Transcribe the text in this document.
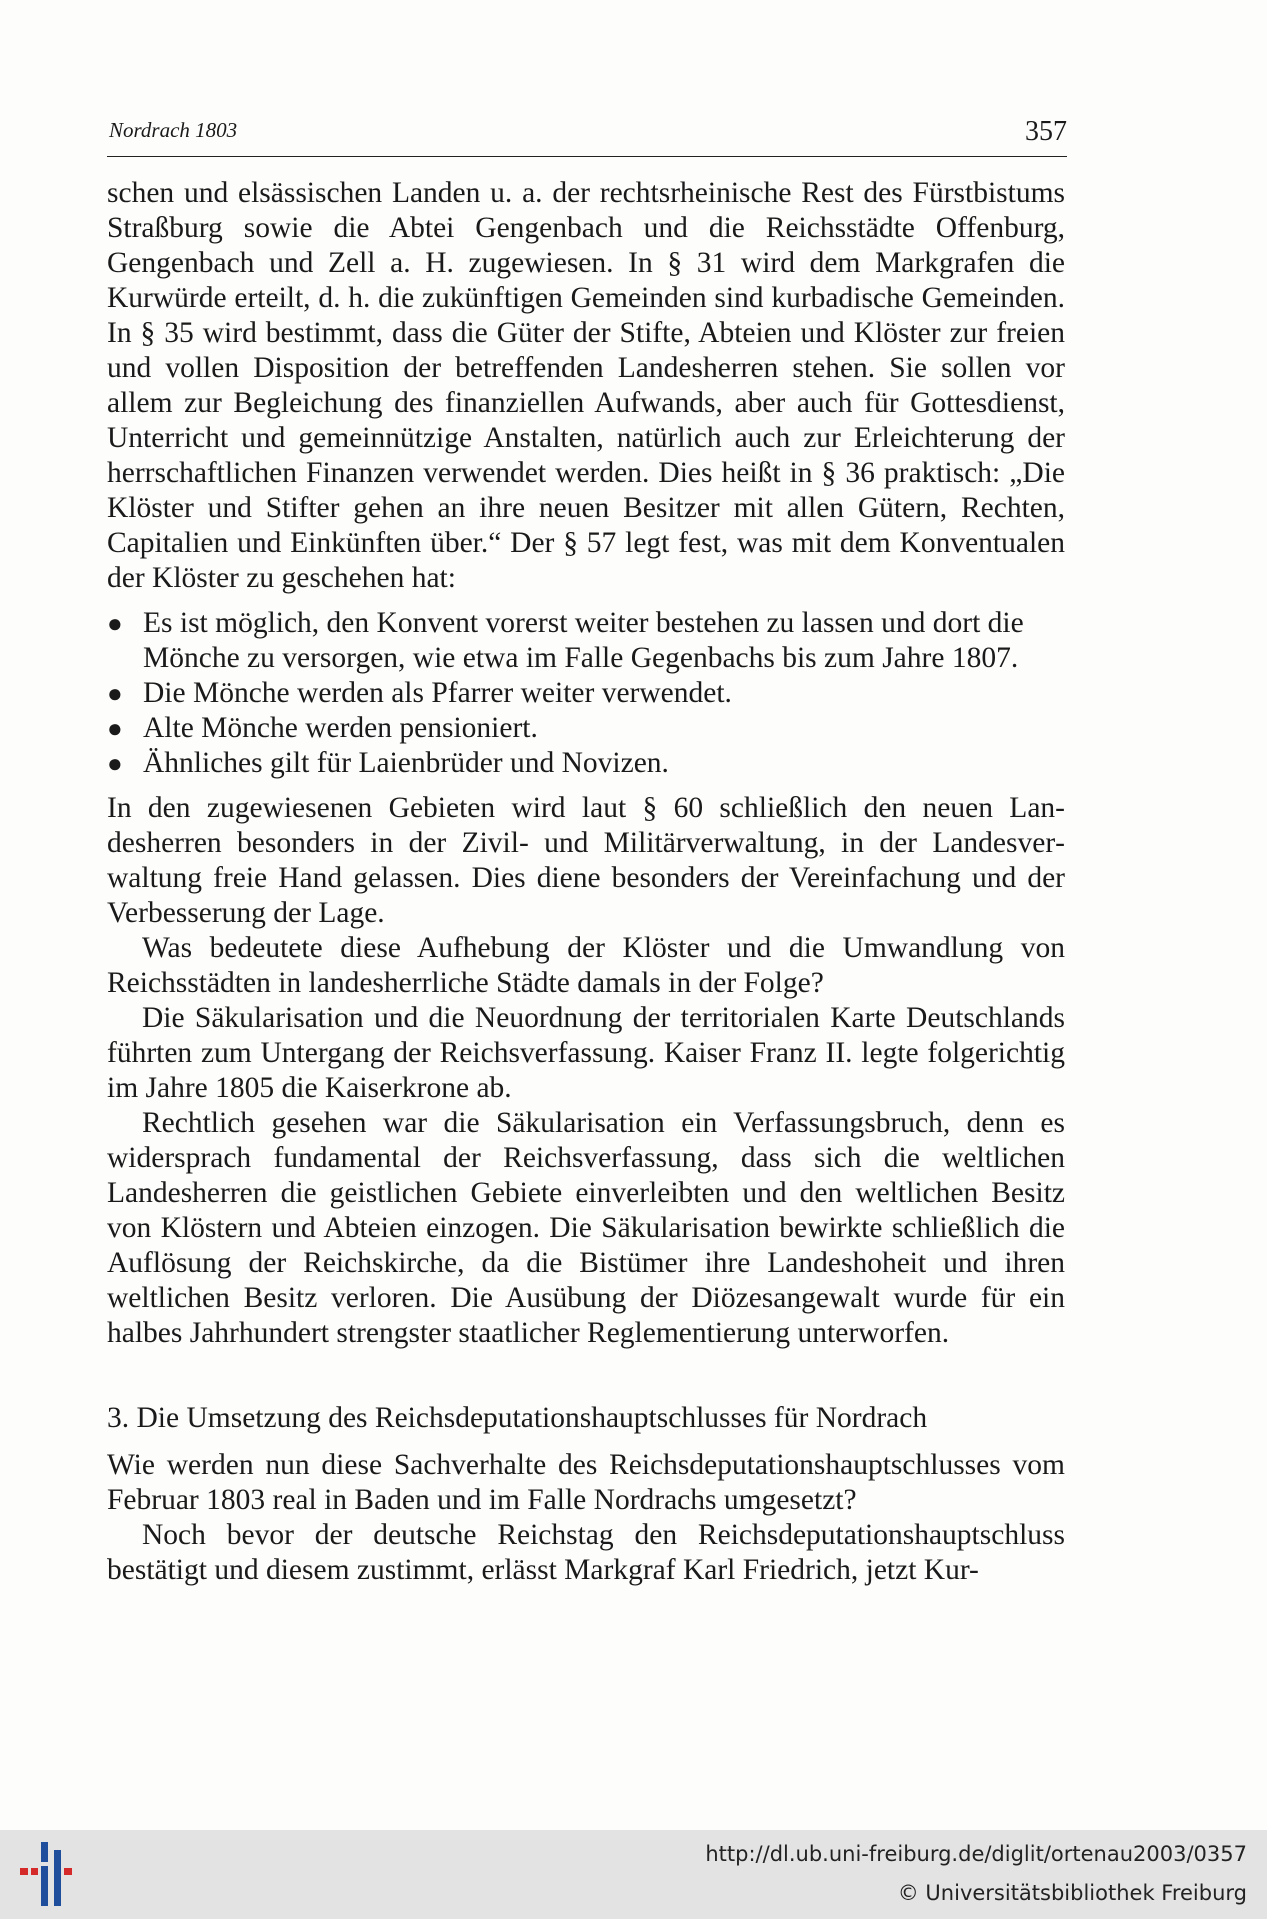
Nordrach 1803	357

schen und elsässischen Landen u. a. der rechtsrheinische Rest des Fürstbistums Straßburg sowie die Abtei Gengenbach und die Reichsstädte Offenburg, Gengenbach und Zell a. H. zugewiesen. In § 31 wird dem Markgrafen die Kurwürde erteilt, d. h. die zukünftigen Gemeinden sind kurbadische Gemeinden. In § 35 wird bestimmt, dass die Güter der Stifte, Abteien und Klöster zur freien und vollen Disposition der betreffenden Landesherren stehen. Sie sollen vor allem zur Begleichung des finanziellen Aufwands, aber auch für Gottesdienst, Unterricht und gemeinnützige Anstalten, natürlich auch zur Erleichterung der herrschaftlichen Finanzen verwendet werden. Dies heißt in § 36 praktisch: „Die Klöster und Stifter gehen an ihre neuen Besitzer mit allen Gütern, Rechten, Capitalien und Einkünften über.“ Der § 57 legt fest, was mit dem Konventualen der Klöster zu geschehen hat:

● Es ist möglich, den Konvent vorerst weiter bestehen zu lassen und dort die Mönche zu versorgen, wie etwa im Falle Gegenbachs bis zum Jahre 1807.
● Die Mönche werden als Pfarrer weiter verwendet.
● Alte Mönche werden pensioniert.
● Ähnliches gilt für Laienbrüder und Novizen.

In den zugewiesenen Gebieten wird laut § 60 schließlich den neuen Landesherren besonders in der Zivil- und Militärverwaltung, in der Landesverwaltung freie Hand gelassen. Dies diene besonders der Vereinfachung und der Verbesserung der Lage.

Was bedeutete diese Aufhebung der Klöster und die Umwandlung von Reichsstädten in landesherrliche Städte damals in der Folge?

Die Säkularisation und die Neuordnung der territorialen Karte Deutschlands führten zum Untergang der Reichsverfassung. Kaiser Franz II. legte folgerichtig im Jahre 1805 die Kaiserkrone ab.

Rechtlich gesehen war die Säkularisation ein Verfassungsbruch, denn es widersprach fundamental der Reichsverfassung, dass sich die weltlichen Landesherren die geistlichen Gebiete einverleibten und den weltlichen Besitz von Klöstern und Abteien einzogen. Die Säkularisation bewirkte schließlich die Auflösung der Reichskirche, da die Bistümer ihre Landeshoheit und ihren weltlichen Besitz verloren. Die Ausübung der Diözesangewalt wurde für ein halbes Jahrhundert strengster staatlicher Reglementierung unterworfen.

3. Die Umsetzung des Reichsdeputationshauptschlusses für Nordrach

Wie werden nun diese Sachverhalte des Reichsdeputationshauptschlusses vom Februar 1803 real in Baden und im Falle Nordrachs umgesetzt?

Noch bevor der deutsche Reichstag den Reichsdeputationshauptschluss bestätigt und diesem zustimmt, erlässt Markgraf Karl Friedrich, jetzt Kur-

http://dl.ub.uni-freiburg.de/diglit/ortenau2003/0357
© Universitätsbibliothek Freiburg
